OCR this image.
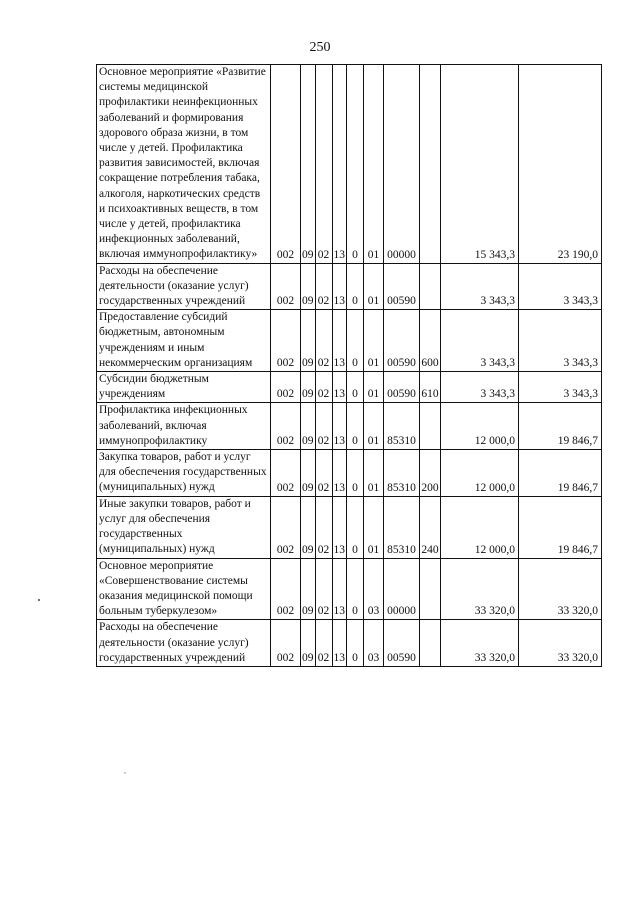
250
Основное мероприятие «Развитие системы медицинской профилактики неинфекционных заболеваний и формирования здорового образа жизни, в том числе у детей. Профилактика развития зависимостей, включая сокращение потребления табака, алкоголя, наркотических средств и психоактивных веществ, в том числе у детей, профилактика инфекционных заболеваний, включая иммунопрофилактику»	002	09	02	13	0	01	00000		15 343,3	23 190,0
Расходы на обеспечение деятельности (оказание услуг) государственных учреждений	002	09	02	13	0	01	00590		3 343,3	3 343,3
Предоставление субсидий бюджетным, автономным учреждениям и иным некоммерческим организациям	002	09	02	13	0	01	00590	600	3 343,3	3 343,3
Субсидии бюджетным учреждениям	002	09	02	13	0	01	00590	610	3 343,3	3 343,3
Профилактика инфекционных заболеваний, включая иммунопрофилактику	002	09	02	13	0	01	85310		12 000,0	19 846,7
Закупка товаров, работ и услуг для обеспечения государственных (муниципальных) нужд	002	09	02	13	0	01	85310	200	12 000,0	19 846,7
Иные закупки товаров, работ и услуг для обеспечения государственных (муниципальных) нужд	002	09	02	13	0	01	85310	240	12 000,0	19 846,7
Основное мероприятие «Совершенствование системы оказания медицинской помощи больным туберкулезом»	002	09	02	13	0	03	00000		33 320,0	33 320,0
Расходы на обеспечение деятельности (оказание услуг) государственных учреждений	002	09	02	13	0	03	00590		33 320,0	33 320,0
